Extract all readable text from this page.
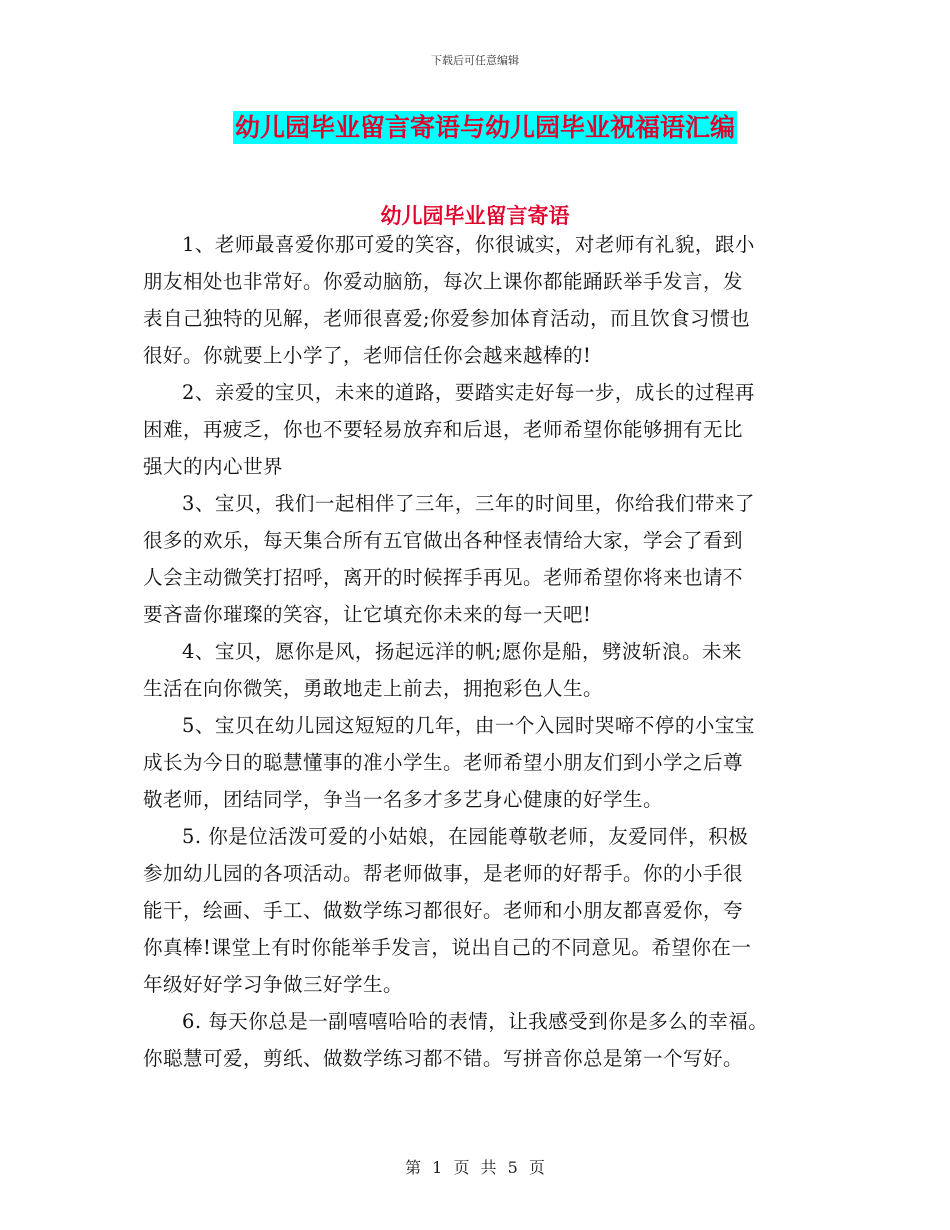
下载后可任意编辑
幼儿园毕业留言寄语与幼儿园毕业祝福语汇编
幼儿园毕业留言寄语

1、老师最喜爱你那可爱的笑容，你很诚实，对老师有礼貌，跟小
朋友相处也非常好。你爱动脑筋，每次上课你都能踊跃举手发言，发
表自己独特的见解，老师很喜爱;你爱参加体育活动，而且饮食习惯也
很好。你就要上小学了，老师信任你会越来越棒的!

2、亲爱的宝贝，未来的道路，要踏实走好每一步，成长的过程再
困难，再疲乏，你也不要轻易放弃和后退，老师希望你能够拥有无比
强大的内心世界

3、宝贝，我们一起相伴了三年，三年的时间里，你给我们带来了
很多的欢乐，每天集合所有五官做出各种怪表情给大家，学会了看到
人会主动微笑打招呼，离开的时候挥手再见。老师希望你将来也请不
要吝啬你璀璨的笑容，让它填充你未来的每一天吧!

4、宝贝，愿你是风，扬起远洋的帆;愿你是船，劈波斩浪。未来
生活在向你微笑，勇敢地走上前去，拥抱彩色人生。

5、宝贝在幼儿园这短短的几年，由一个入园时哭啼不停的小宝宝
成长为今日的聪慧懂事的准小学生。老师希望小朋友们到小学之后尊
敬老师，团结同学，争当一名多才多艺身心健康的好学生。

5. 你是位活泼可爱的小姑娘，在园能尊敬老师，友爱同伴，积极
参加幼儿园的各项活动。帮老师做事，是老师的好帮手。你的小手很
能干，绘画、手工、做数学练习都很好。老师和小朋友都喜爱你，夸
你真棒!课堂上有时你能举手发言，说出自己的不同意见。希望你在一
年级好好学习争做三好学生。

6. 每天你总是一副嘻嘻哈哈的表情，让我感受到你是多么的幸福。
你聪慧可爱，剪纸、做数学练习都不错。写拼音你总是第一个写好。

第 1 页 共 5 页
